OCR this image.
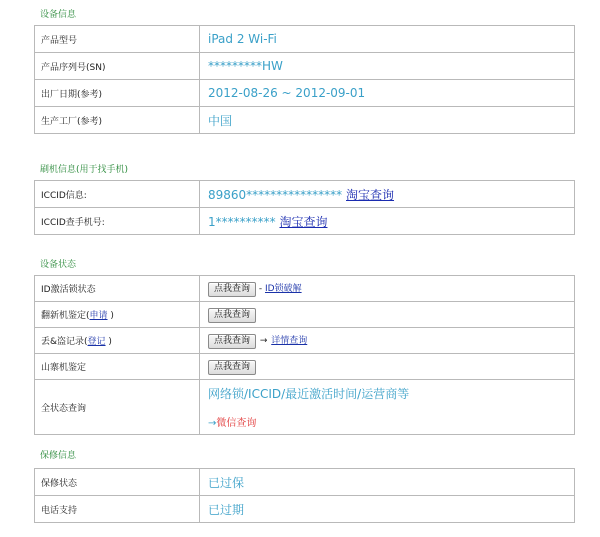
设备信息
产品型号	iPad 2 Wi-Fi
产品序列号(SN)	*********HW
出厂日期(参考)	2012-08-26 ~ 2012-09-01
生产工厂(参考)	中国
刷机信息(用于找手机)
ICCID信息:	89860**************** 淘宝查询
ICCID查手机号:	1********** 淘宝查询
设备状态
ID激活锁状态	点我查询 - ID锁破解
翻新机鉴定(申请 )	点我查询
丢&盗记录(登记 )	点我查询 → 详情查询
山寨机鉴定	点我查询
全状态查询	网络锁/ICCID/最近激活时间/运营商等
→微信查询
保修信息
保修状态	已过保
电话支持	已过期
